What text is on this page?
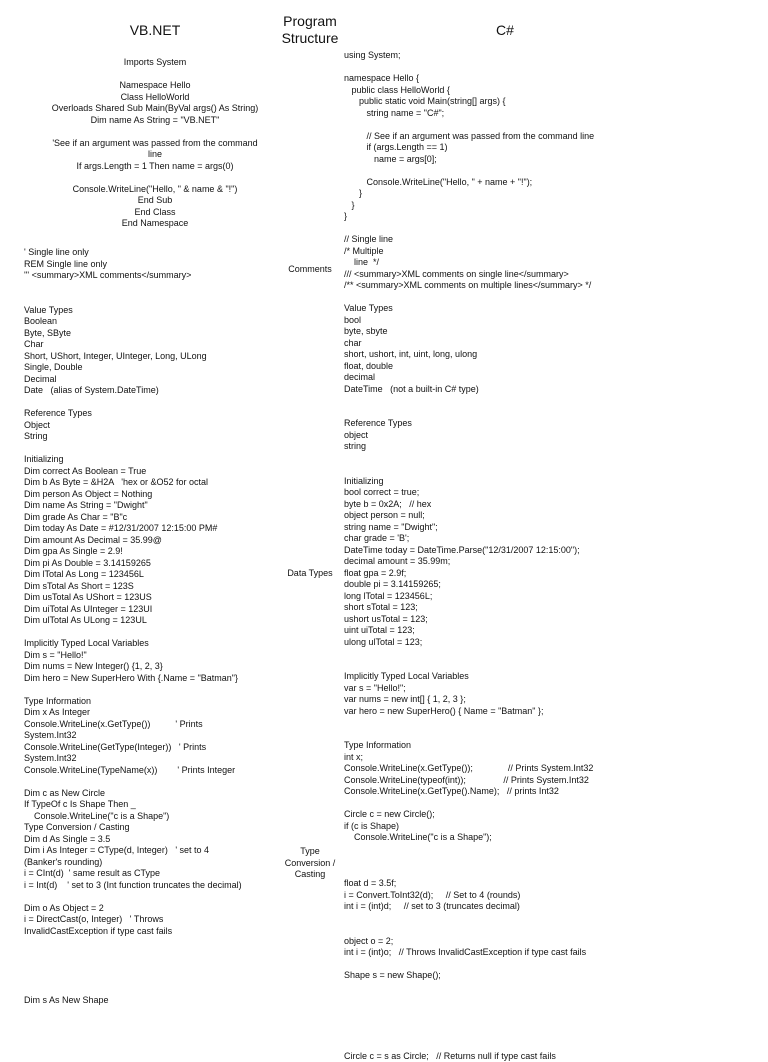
VB.NET
Program
Structure	C#
Imports System
Namespace Hello
Class HelloWorld
Overloads Shared Sub Main(ByVal args() As String)
Dim name As String = "VB.NET"
'See if an argument was passed from the command
line
If args.Length = 1 Then name = args(0)
Console.WriteLine("Hello, " & name & "!")
End Sub
End Class
End Namespace
' Single line only
REM Single line only
''' <summary>XML comments</summary>
Value Types
Boolean
Byte, SByte
Char
Short, UShort, Integer, UInteger, Long, ULong
Single, Double
Decimal
Date   (alias of System.DateTime)
Reference Types
Object
String
Initializing
Dim correct As Boolean = True
Dim b As Byte = &H2A   'hex or &O52 for octal
Dim person As Object = Nothing
Dim name As String = "Dwight"
Dim grade As Char = "B"c
Dim today As Date = #12/31/2007 12:15:00 PM#
Dim amount As Decimal = 35.99@
Dim gpa As Single = 2.9!
Dim pi As Double = 3.14159265
Dim lTotal As Long = 123456L
Dim sTotal As Short = 123S
Dim usTotal As UShort = 123US
Dim uiTotal As UInteger = 123UI
Dim ulTotal As ULong = 123UL
Implicitly Typed Local Variables
Dim s = "Hello!"
Dim nums = New Integer() {1, 2, 3}
Dim hero = New SuperHero With {.Name = "Batman"}
Type Information
Dim x As Integer
Console.WriteLine(x.GetType())          ' Prints
System.Int32
Console.WriteLine(GetType(Integer))   ' Prints
System.Int32
Console.WriteLine(TypeName(x))        ' Prints Integer
Dim c as New Circle
If TypeOf c Is Shape Then _
Console.WriteLine("c is a Shape")
Type Conversion / Casting
Dim d As Single = 3.5
Dim i As Integer = CType(d, Integer)   ' set to 4
(Banker's rounding)
i = CInt(d)  ' same result as CType
i = Int(d)    ' set to 3 (Int function truncates the decimal)
Dim o As Object = 2
i = DirectCast(o, Integer)   ' Throws
InvalidCastException if type cast fails
Dim s As New Shape
using System;
namespace Hello {
public class HelloWorld {
public static void Main(string[] args) {
string name = "C#";
// See if an argument was passed from the command line
if (args.Length == 1)
name = args[0];
Console.WriteLine("Hello, " + name + "!");
}
}
}
// Single line
/* Multiple
line  */
/// <summary>XML comments on single line</summary>
/** <summary>XML comments on multiple lines</summary> */
Value Types
bool
byte, sbyte
char
short, ushort, int, uint, long, ulong
float, double
decimal
DateTime   (not a built-in C# type)
Reference Types
object
string
Initializing
bool correct = true;
byte b = 0x2A;   // hex
object person = null;
string name = "Dwight";
char grade = 'B';
DateTime today = DateTime.Parse("12/31/2007 12:15:00");
decimal amount = 35.99m;
float gpa = 2.9f;
double pi = 3.14159265;
long lTotal = 123456L;
short sTotal = 123;
ushort usTotal = 123;
uint uiTotal = 123;
ulong ulTotal = 123;
Implicitly Typed Local Variables
var s = "Hello!";
var nums = new int[] { 1, 2, 3 };
var hero = new SuperHero() { Name = "Batman" };
Type Information
int x;
Console.WriteLine(x.GetType());              // Prints System.Int32
Console.WriteLine(typeof(int));               // Prints System.Int32
Console.WriteLine(x.GetType().Name);   // prints Int32
Circle c = new Circle();
if (c is Shape)
Console.WriteLine("c is a Shape");
float d = 3.5f;
i = Convert.ToInt32(d);     // Set to 4 (rounds)
int i = (int)d;     // set to 3 (truncates decimal)
object o = 2;
int i = (int)o;   // Throws InvalidCastException if type cast fails
Shape s = new Shape();
Circle c = s as Circle;   // Returns null if type cast fails
Comments
Data Types
Type
Conversion /
Casting
